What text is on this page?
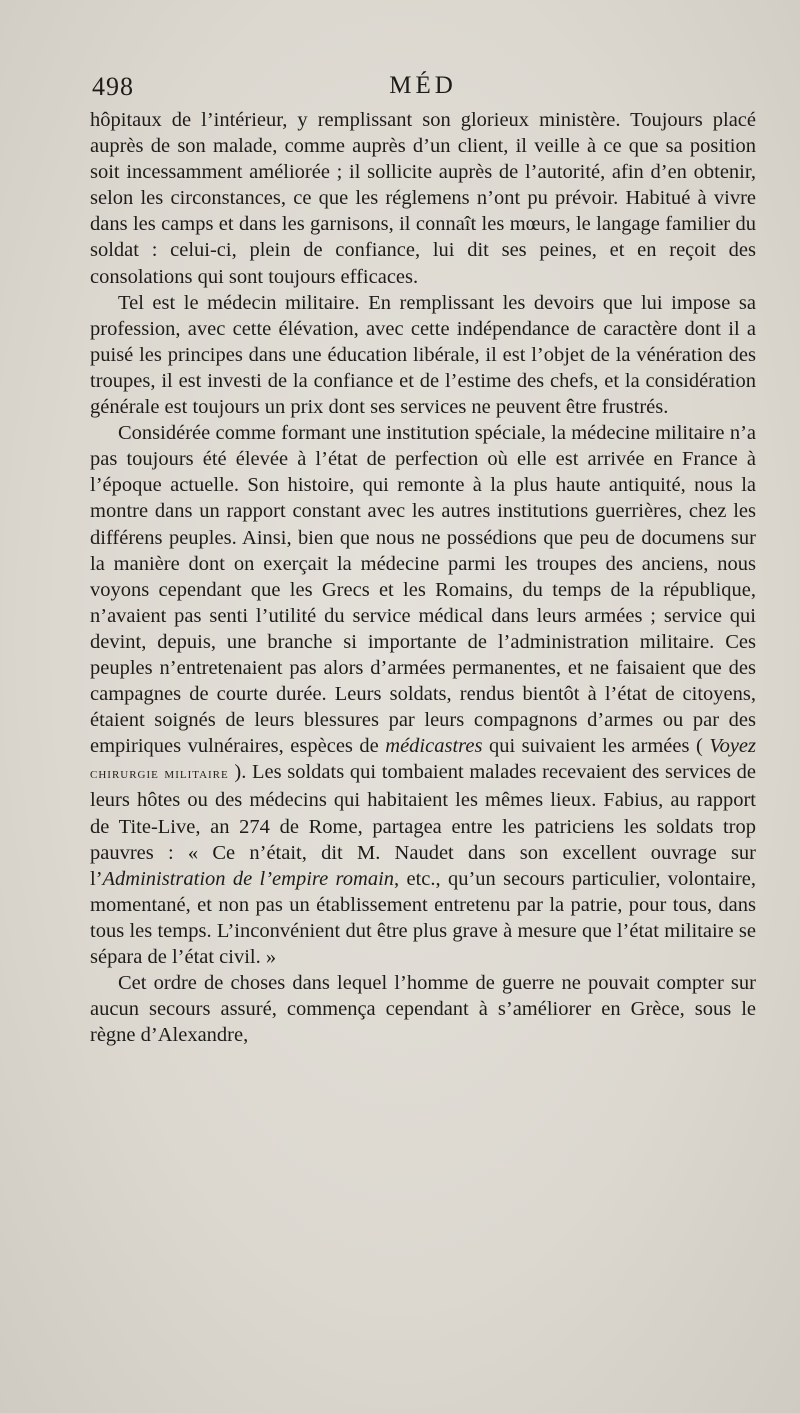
498	MÉD

hôpitaux de l’intérieur, y remplissant son glorieux ministère. Toujours placé auprès de son malade, comme auprès d’un client, il veille à ce que sa position soit incessamment améliorée ; il sollicite auprès de l’autorité, afin d’en obtenir, selon les circonstances, ce que les réglemens n’ont pu prévoir. Habitué à vivre dans les camps et dans les garnisons, il connaît les mœurs, le langage familier du soldat : celui-ci, plein de confiance, lui dit ses peines, et en reçoit des consolations qui sont toujours efficaces.

Tel est le médecin militaire. En remplissant les devoirs que lui impose sa profession, avec cette élévation, avec cette indépendance de caractère dont il a puisé les principes dans une éducation libérale, il est l’objet de la vénération des troupes, il est investi de la confiance et de l’estime des chefs, et la considération générale est toujours un prix dont ses services ne peuvent être frustrés.

Considérée comme formant une institution spéciale, la médecine militaire n’a pas toujours été élevée à l’état de perfection où elle est arrivée en France à l’époque actuelle. Son histoire, qui remonte à la plus haute antiquité, nous la montre dans un rapport constant avec les autres institutions guerrières, chez les différens peuples. Ainsi, bien que nous ne possédions que peu de documens sur la manière dont on exerçait la médecine parmi les troupes des anciens, nous voyons cependant que les Grecs et les Romains, du temps de la république, n’avaient pas senti l’utilité du service médical dans leurs armées ; service qui devint, depuis, une branche si importante de l’administration militaire. Ces peuples n’entretenaient pas alors d’armées permanentes, et ne faisaient que des campagnes de courte durée. Leurs soldats, rendus bientôt à l’état de citoyens, étaient soignés de leurs blessures par leurs compagnons d’armes ou par des empiriques vulnéraires, espèces de médicastres qui suivaient les armées ( Voyez chirurgie militaire ). Les soldats qui tombaient malades recevaient des services de leurs hôtes ou des médecins qui habitaient les mêmes lieux. Fabius, au rapport de Tite-Live, an 274 de Rome, partagea entre les patriciens les soldats trop pauvres : « Ce n’était, dit M. Naudet dans son excellent ouvrage sur l’Administration de l’empire romain, etc., qu’un secours particulier, volontaire, momentané, et non pas un établissement entretenu par la patrie, pour tous, dans tous les temps. L’inconvénient dut être plus grave à mesure que l’état militaire se sépara de l’état civil. »

Cet ordre de choses dans lequel l’homme de guerre ne pouvait compter sur aucun secours assuré, commença cependant à s’améliorer en Grèce, sous le règne d’Alexandre,
